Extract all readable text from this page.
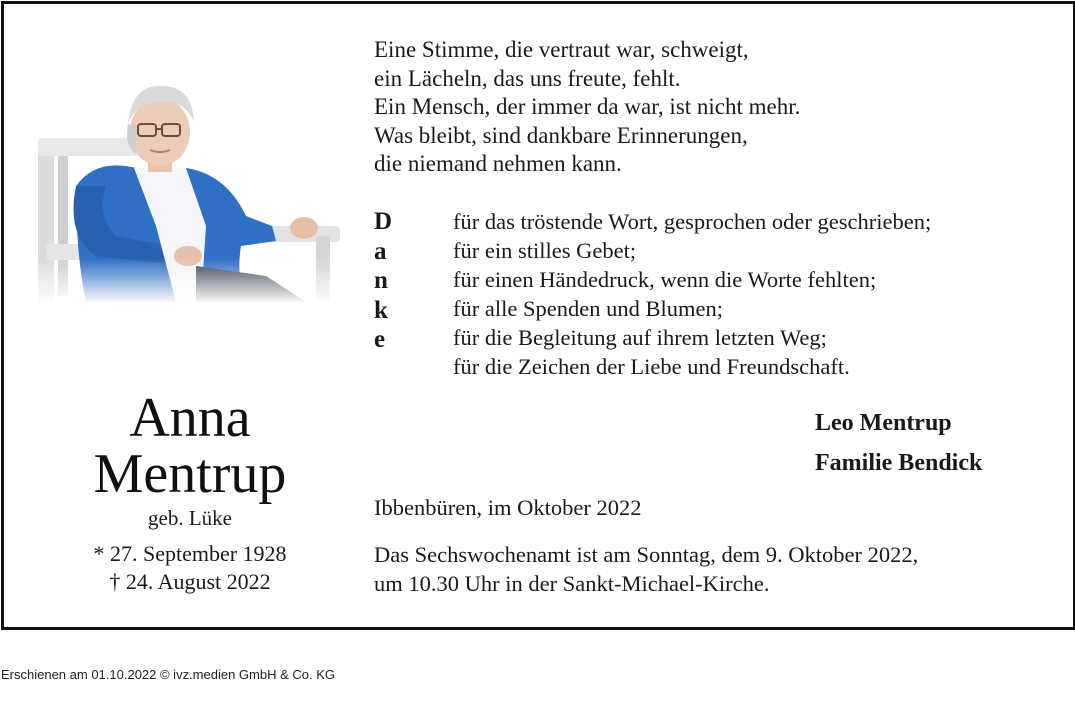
Anna
Mentrup
geb. Lüke
* 27. September 1928
† 24. August 2022
Eine Stimme, die vertraut war, schweigt,
ein Lächeln, das uns freute, fehlt.
Ein Mensch, der immer da war, ist nicht mehr.
Was bleibt, sind dankbare Erinnerungen,
die niemand nehmen kann.
D
a
n
k
e
für das tröstende Wort, gesprochen oder geschrieben;
für ein stilles Gebet;
für einen Händedruck, wenn die Worte fehlten;
für alle Spenden und Blumen;
für die Begleitung auf ihrem letzten Weg;
für die Zeichen der Liebe und Freundschaft.
Leo Mentrup
Familie Bendick
Ibbenbüren, im Oktober 2022
Das Sechswochenamt ist am Sonntag, dem 9. Oktober 2022,
um 10.30 Uhr in der Sankt-Michael-Kirche.
Erschienen am 01.10.2022 © ivz.medien GmbH & Co. KG
